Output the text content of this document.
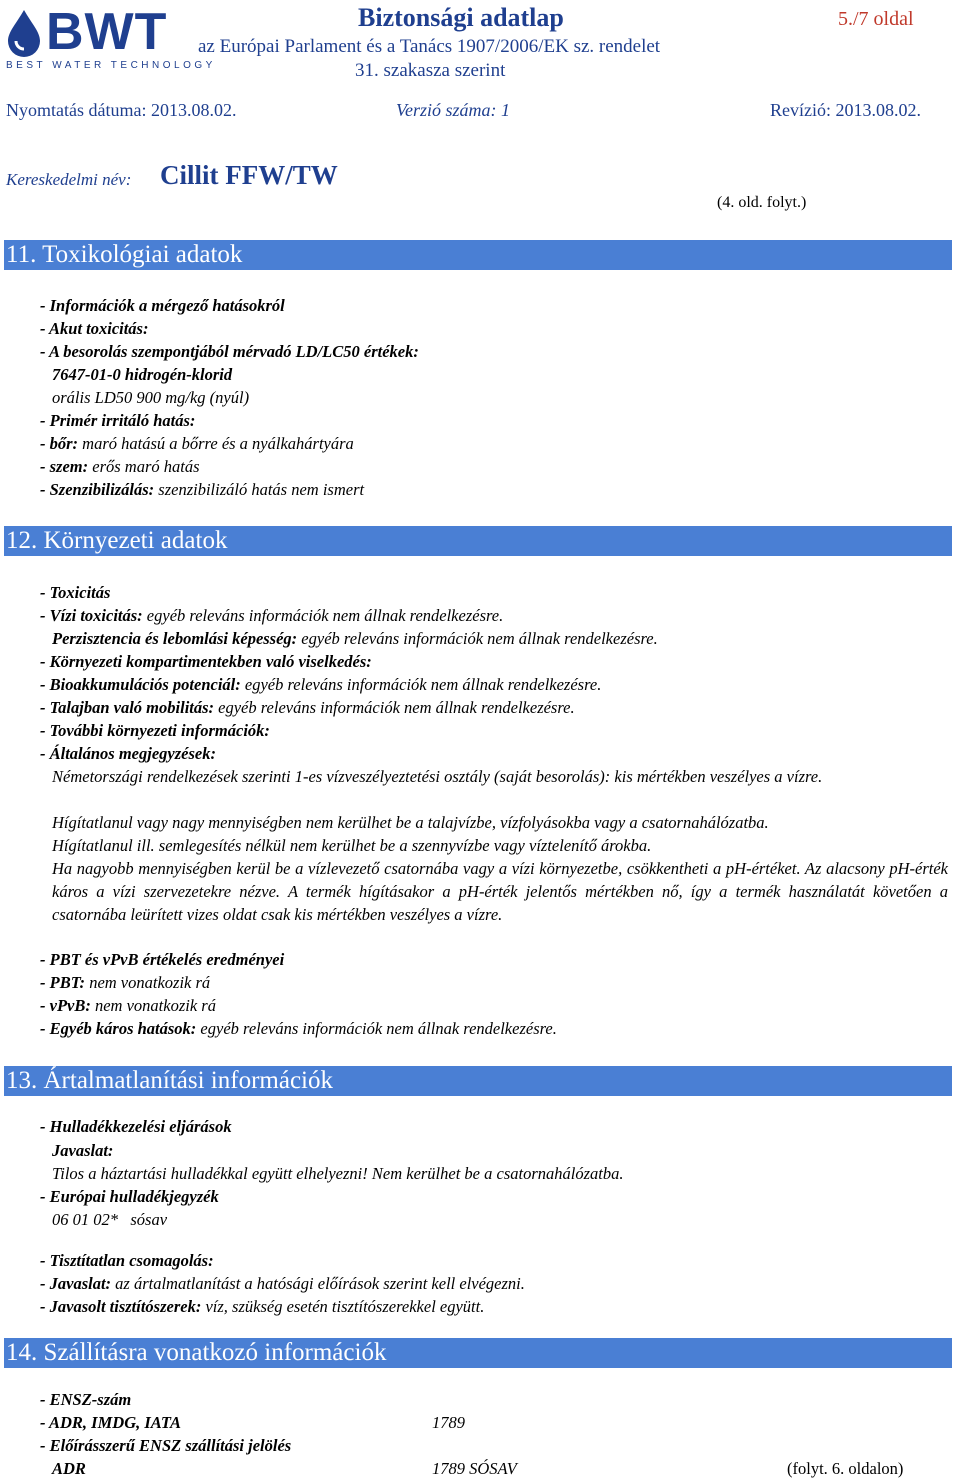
BWT
BEST WATER TECHNOLOGY
Biztonsági adatlap	5./7 oldal
az Európai Parlament és a Tanács 1907/2006/EK sz. rendelet
31. szakasza szerint
Nyomtatás dátuma: 2013.08.02.	Verzió száma: 1	Revízió: 2013.08.02.
Kereskedelmi név: Cillit FFW/TW
(4. old. folyt.)
11. Toxikológiai adatok
- Információk a mérgező hatásokról
- Akut toxicitás:
- A besorolás szempontjából mérvadó LD/LC50 értékek:
7647-01-0 hidrogén-klorid
orális LD50 900 mg/kg (nyúl)
- Primér irritáló hatás:
- bőr: maró hatású a bőrre és a nyálkahártyára
- szem: erős maró hatás
- Szenzibilizálás: szenzibilizáló hatás nem ismert
12. Környezeti adatok
- Toxicitás
- Vízi toxicitás: egyéb releváns információk nem állnak rendelkezésre.
Perzisztencia és lebomlási képesség: egyéb releváns információk nem állnak rendelkezésre.
- Környezeti kompartimentekben való viselkedés:
- Bioakkumulációs potenciál: egyéb releváns információk nem állnak rendelkezésre.
- Talajban való mobilitás: egyéb releváns információk nem állnak rendelkezésre.
- További környezeti információk:
- Általános megjegyzések:
Németországi rendelkezések szerinti 1-es vízveszélyeztetési osztály (saját besorolás): kis mértékben veszélyes a vízre.
Hígítatlanul vagy nagy mennyiségben nem kerülhet be a talajvízbe, vízfolyásokba vagy a csatornahálózatba.
Hígítatlanul ill. semlegesítés nélkül nem kerülhet be a szennyvízbe vagy víztelenítő árokba.
Ha nagyobb mennyiségben kerül be a vízlevezető csatornába vagy a vízi környezetbe, csökkentheti a pH-értéket. Az alacsony pH-érték káros a vízi szervezetekre nézve. A termék hígításakor a pH-érték jelentős mértékben nő, így a termék használatát követően a csatornába leürített vizes oldat csak kis mértékben veszélyes a vízre.
- PBT és vPvB értékelés eredményei
- PBT: nem vonatkozik rá
- vPvB: nem vonatkozik rá
- Egyéb káros hatások: egyéb releváns információk nem állnak rendelkezésre.
13. Ártalmatlanítási információk
- Hulladékkezelési eljárások
Javaslat:
Tilos a háztartási hulladékkal együtt elhelyezni! Nem kerülhet be a csatornahálózatba.
- Európai hulladékjegyzék
06 01 02*   sósav
- Tisztítatlan csomagolás:
- Javaslat: az ártalmatlanítást a hatósági előírások szerint kell elvégezni.
- Javasolt tisztítószerek: víz, szükség esetén tisztítószerekkel együtt.
14. Szállításra vonatkozó információk
- ENSZ-szám
- ADR, IMDG, IATA	1789
- Előírásszerű ENSZ szállítási jelölés
ADR	1789 SÓSAV	(folyt. 6. oldalon)
